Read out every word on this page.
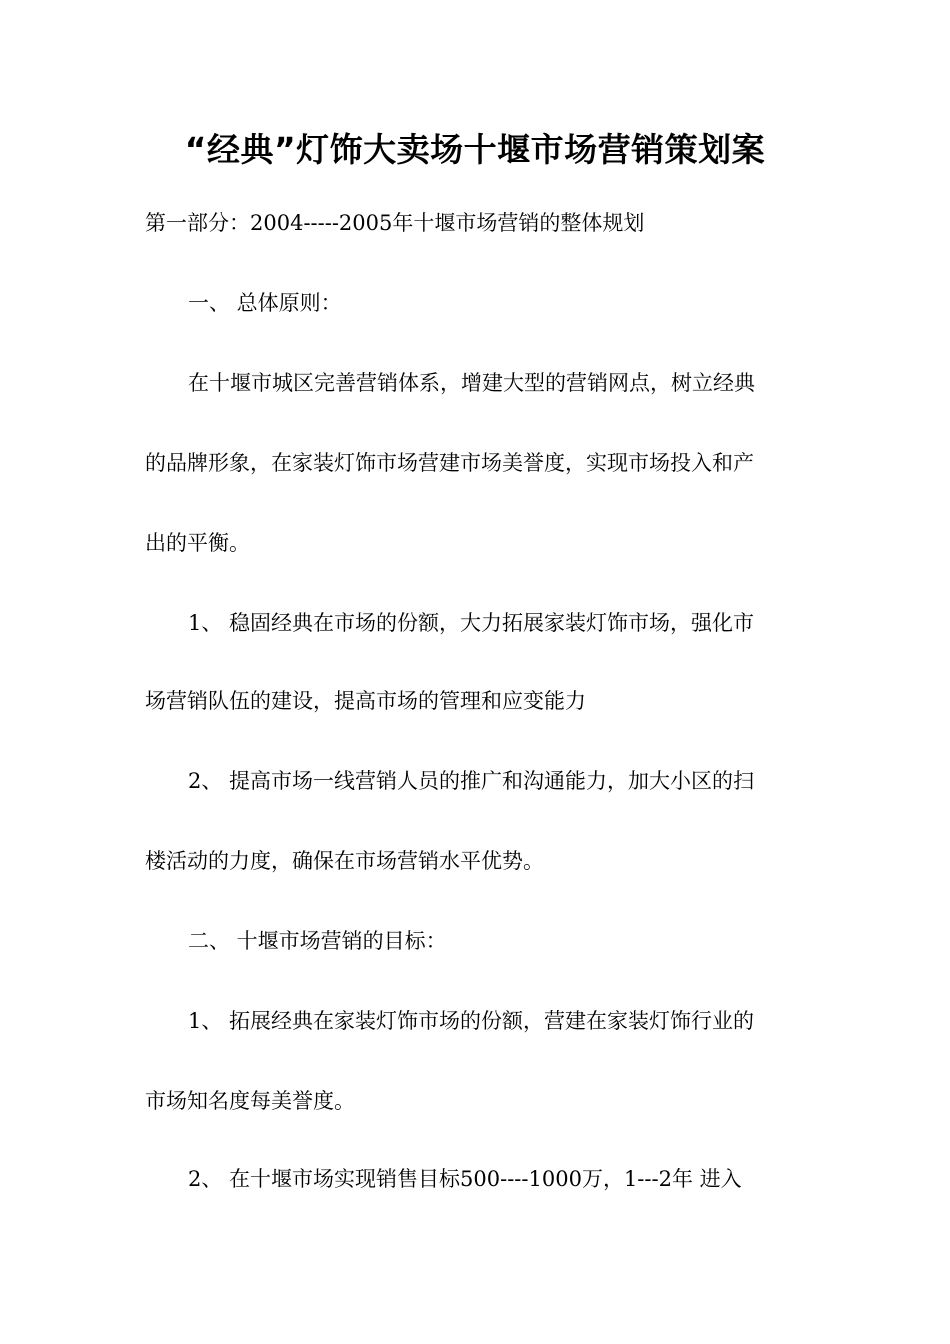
“经典”灯饰大卖场十堰市场营销策划案
第一部分：2004-----2005年十堰市场营销的整体规划
一、 总体原则：
在十堰市城区完善营销体系，增建大型的营销网点，树立经典
的品牌形象，在家装灯饰市场营建市场美誉度，实现市场投入和产
出的平衡。
1、 稳固经典在市场的份额，大力拓展家装灯饰市场，强化市
场营销队伍的建设，提高市场的管理和应变能力
2、 提高市场一线营销人员的推广和沟通能力，加大小区的扫
楼活动的力度，确保在市场营销水平优势。
二、 十堰市场营销的目标：
1、 拓展经典在家装灯饰市场的份额，营建在家装灯饰行业的
市场知名度每美誉度。
2、 在十堰市场实现销售目标500----1000万，1---2年 进入
